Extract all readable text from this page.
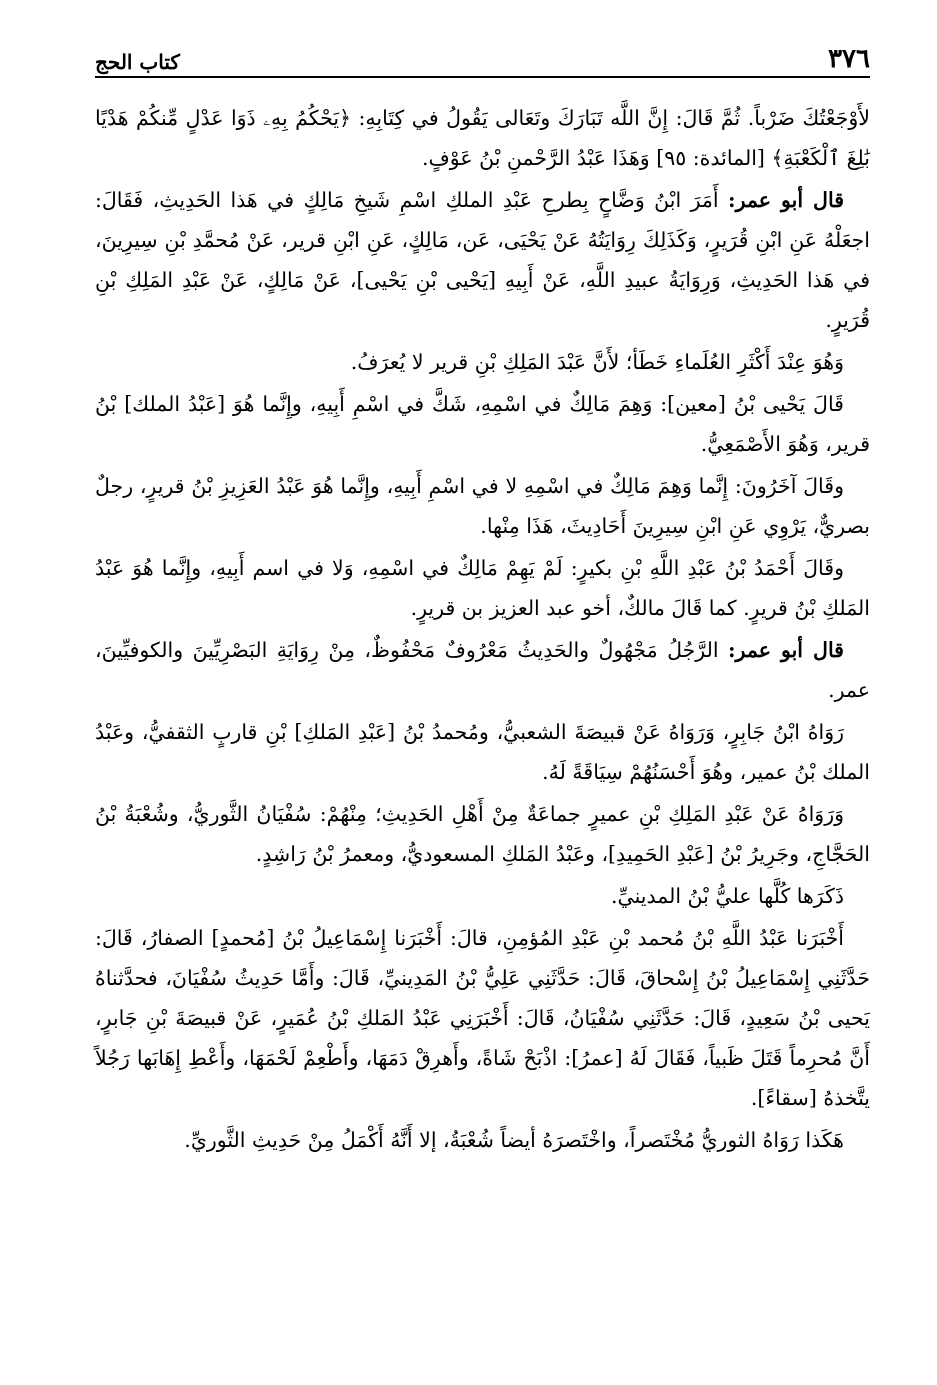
٣٧٦
كتاب الحج

لأَوْجَعْتُكَ ضَرْباً. ثُمَّ قَالَ: إِنَّ اللَّه تَبَارَكَ وتَعَالى يَقُولُ في كِتَابِهِ: ﴿يَحْكُمُ بِهِۦ ذَوَا عَدْلٍ مِّنكُمْ هَدْيًا بَٰلِغَ ٱلْكَعْبَةِ﴾ [المائدة: ٩٥] وَهَذَا عَبْدُ الرَّحْمنِ بْنُ عَوْفٍ.

قال أبو عمر: أَمَرَ ابْنُ وَضَّاحٍ بِطرحِ عَبْدِ الملكِ اسْمِ شَيخِ مَالِكٍ في هَذا الحَدِيثِ، فَقَالَ: اجعَلْهُ عَنِ ابْنِ قُرَيرٍ، وَكَذَلِكَ رِوَايَتُهُ عَنْ يَحْيَى، عَن، مَالِكٍ، عَنِ ابْنِ قرير، عَنْ مُحمَّدِ بْنِ سِيرِينَ، في هَذا الحَدِيثِ، وَرِوَايَةُ عبيدِ اللَّهِ، عَنْ أَبِيهِ [يَحْيى بْنِ يَحْيى]، عَنْ مَالِكٍ، عَنْ عَبْدِ المَلِكِ بْنِ قُرَيرٍ.

وَهُوَ عِنْدَ أَكْثَرِ العُلَماءِ خَطَأ؛ لأَنَّ عَبْدَ المَلِكِ بْنِ قرير لا يُعرَفُ.

قَالَ يَحْيى بْنُ [معين]: وَهِمَ مَالِكٌ في اسْمِهِ، شَكَّ في اسْمِ أَبِيهِ، وإِنَّما هُوَ [عَبْدُ الملك] بْنُ قرير، وَهُوَ الأَصْمَعِيُّ.

وقَالَ آخَرُونَ: إِنَّما وَهِمَ مَالِكٌ في اسْمِهِ لا في اسْمِ أَبِيهِ، وإِنَّما هُوَ عَبْدُ العَزِيزِ بْنُ قريرٍ، رجلٌ بصريٌّ، يَرْوِي عَنِ ابْنِ سِيرِينَ أَحَادِيثَ، هَذَا مِنْها.

وقَالَ أَحْمَدُ بْنُ عَبْدِ اللَّهِ بْنِ بكيرٍ: لَمْ يَهِمْ مَالِكٌ في اسْمِهِ، وَلا في اسم أَبِيهِ، وإِنَّما هُوَ عَبْدُ المَلكِ بْنُ قريرٍ. كما قَالَ مالكٌ، أخو عبد العزيز بن قريرٍ.

قال أبو عمر: الرَّجُلُ مَجْهُولٌ والحَدِيثُ مَعْرُوفٌ مَحْفُوظٌ، مِنْ رِوَايَةِ البَصْرِيِّينَ والكوفيِّينَ، عمر.

رَوَاهُ ابْنُ جَابِرٍ، وَرَوَاهُ عَنْ قبيصَةَ الشعبيُّ، ومُحمدُ بْنُ [عَبْدِ المَلكِ] بْنِ قاربٍ الثقفيُّ، وعَبْدُ الملك بْنُ عمير، وهُوَ أَحْسَنُهُمْ سِيَاقَةً لَهُ.

وَرَوَاهُ عَنْ عَبْدِ المَلِكِ بْنِ عميرٍ جماعَةٌ مِنْ أَهْلِ الحَدِيثِ؛ مِنْهُمْ: سُفْيَانُ الثَّوريُّ، وشُعْبَةُ بْنُ الحَجَّاجِ، وجَرِيرُ بْنُ [عَبْدِ الحَمِيدِ]، وعَبْدُ المَلكِ المسعوديُّ، ومعمرُ بْنُ رَاشِدٍ.

ذَكَرَها كُلَّها عليُّ بْنُ المدينيِّ.

أَخْبَرَنا عَبْدُ اللَّهِ بْنُ مُحمد بْنِ عَبْدِ المُؤمِنِ، قالَ: أَخْبَرَنا إِسْمَاعِيلُ بْنُ [مُحمدٍ] الصفارُ، قَالَ: حَدَّثَنِي إِسْمَاعِيلُ بْنُ إِسْحاقَ، قَالَ: حَدَّثَنِي عَلِيُّ بْنُ المَدِينيِّ، قَالَ: وأَمَّا حَدِيثُ سُفْيَانَ، فحدَّثناهُ يَحيى بْنُ سَعِيدٍ، قَالَ: حَدَّثَنِي سُفْيَانُ، قَالَ: أَخْبَرَنِي عَبْدُ المَلكِ بْنُ عُمَيرٍ، عَنْ قبيصَةَ بْنِ جَابرٍ، أَنَّ مُحرِماً قَتَلَ ظَبياً، فَقَالَ لَهُ [عمرُ]: اذْبَحْ شَاةً، وأَهرِقْ دَمَهَا، وأَطْعِمْ لَحْمَهَا، وأَعْطِ إِهَابَها رَجُلاً يتَّخذهُ [سقاءً].

هَكَذا رَوَاهُ الثوريُّ مُخْتَصراً، واخْتَصرَهُ أيضاً شُعْبَةُ، إلا أَنَّهُ أَكْمَلُ مِنْ حَدِيثِ الثَّوريِّ.
